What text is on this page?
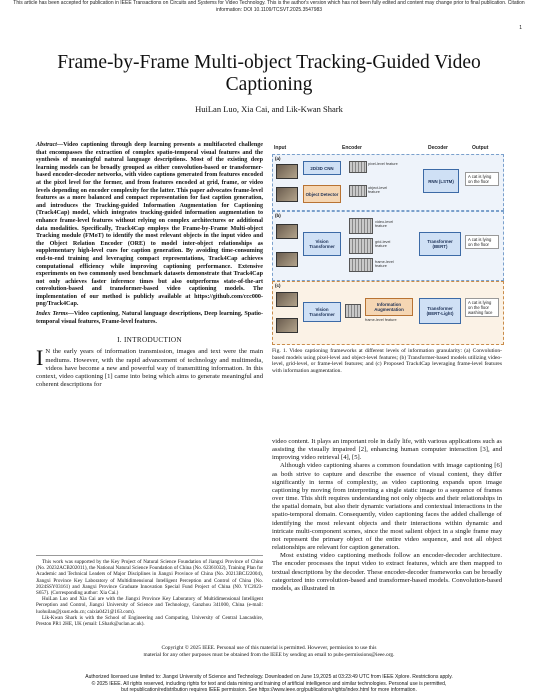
This article has been accepted for publication in IEEE Transactions on Circuits and Systems for Video Technology. This is the author's version which has not been fully edited and content may change prior to final publication. Citation information: DOI 10.1109/TCSVT.2025.3547983
1
Frame-by-Frame Multi-object Tracking-Guided Video Captioning
HuiLan Luo, Xia Cai, and Lik-Kwan Shark
Abstract—Video captioning through deep learning presents a multifaceted challenge that encompasses the extraction of complex spatio-temporal visual features and the synthesis of meaningful natural language descriptions. Most of the existing deep learning models can be broadly grouped as either convolution-based or transformer-based encoder-decoder networks, with video captions generated from features encoded at the pixel level for the former, and from features encoded at grid, frame, or video levels depending on encoder complexity for the latter. This paper advocates frame-level features as a more balanced and compact representation for fast caption generation, and introduces the Tracking-guided Information Augmentation for Captioning (Track4Cap) model, which integrates tracking-guided information augmentation to enhance frame-level features without relying on complex architectures or additional data modalities. Specifically, Track4Cap employs the Frame-by-Frame Multi-object Tracking module (FMoT) to identify the most relevant objects in the input video and the Object Relation Encoder (ORE) to model inter-object relationships as supplementary high-level cues for caption generation. By avoiding time-consuming end-to-end training and leveraging compact representations, Track4Cap achieves computational efficiency while improving captioning performance. Extensive experiments on two commonly used benchmark datasets demonstrate that Track4Cap not only achieves faster inference times but also outperforms state-of-the-art convolution-based and transformer-based video captioning models. The implementation of our method is publicly available at https://github.com/ccc000-png/Track4Cap.
Index Terms—Video captioning, Natural language descriptions, Deep learning, Spatio-temporal visual features, Frame-level features.
I. INTRODUCTION

I N the early years of information transmission, images and text were the main mediums. However, with the rapid advancement of technology and multimedia, videos have become a new and powerful way of transmitting information. In this context, video captioning [1] came into being which aims to generate meaningful and coherent descriptions for

This work was supported by the Key Project of Natural Science Foundation of Jiangxi Province of China (No. 20232ACB202011), the National Natural Science Foundation of China (No. 62361032), Training Plan for Academic and Technical Leaders of Major Disciplines in Jiangxi Province of China (No. 20213BCJ22004), Jiangxi Province Key Laboratory of Multidimensional Intelligent Perception and Control of China (No. 2024SSY03161) and Jiangxi Province Graduate Innovation Special Fund Project of China (N0. YC2023-S657). (Corresponding author: Xia Cai.)

HuiLan Luo and Xia Cai are with the Jiangxi Province Key Laboratory of Multidimensional Intelligent Perception and Control, Jiangxi University of Science and Technology, Ganzhou 341000, China (e-mail: luohuilan@jxust.edu.cn; caixia0421@163.com).

Lik-Kwan Shark is with the School of Engineering and Computing, University of Central Lancashire, Preston PR1 2HE, UK (email: LShark@uclan.ac.uk).

Input	Encoder	Decoder	Output
(a)
2D/3D CNN
Object Detector
pixel-level feature
object-level feature
RNN (LSTM)
A cat is lying on the floor
(b)
Vision Transformer
video-level feature
grid-level feature
frame-level feature
Transformer (BERT)
A cat is lying on the floor
(c)
Vision Transformer
Information Augmentation
frame-level feature
Transformer (BERT-Light)
A cat is lying on the floor washing face
Fig. 1. Video captioning frameworks at different levels of information granularity: (a) Convolution-based models using pixel-level and object-level features; (b) Transformer-based models utilizing video-level, grid-level, or frame-level features; and (c) Proposed Track4Cap leveraging frame-level features with information augmentation.

video content. It plays an important role in daily life, with various applications such as assisting the visually impaired [2], enhancing human computer interaction [3], and improving video retrieval [4], [5].

Although video captioning shares a common foundation with image captioning [6] as both strive to capture and describe the essence of visual content, they differ significantly in terms of complexity, as video captioning expands upon image captioning by moving from interpreting a single static image to a sequence of frames over time. This shift requires understanding not only objects and their relationships in the spatial domain, but also their dynamic variations and contextual interactions in the spatio-temporal domain. Consequently, video captioning faces the added challenge of identifying the most relevant objects and their interactions within dynamic and intricate multi-component scenes, since the most salient object in a single frame may not represent the primary object of the entire video sequence, and not all object relationships are relevant for caption generation.

Most existing video captioning methods follow an encoder-decoder architecture. The encoder processes the input video to extract features, which are then mapped to textual descriptions by the decoder. These encoder-decoder frameworks can be broadly categorized into convolution-based and transformer-based models. Convolution-based models, as illustrated in

Copyright © 2025 IEEE. Personal use of this material is permitted. However, permission to use this
material for any other purposes must be obtained from the IEEE by sending an email to pubs-permissions@ieee.org.
Authorized licensed use limited to: Jiangxi University of Science and Technology. Downloaded on June 19,2025 at 03:23:49 UTC from IEEE Xplore. Restrictions apply.
© 2025 IEEE. All rights reserved, including rights for text and data mining and training of artificial intelligence and similar technologies. Personal use is permitted,
but republication/redistribution requires IEEE permission. See https://www.ieee.org/publications/rights/index.html for more information.
